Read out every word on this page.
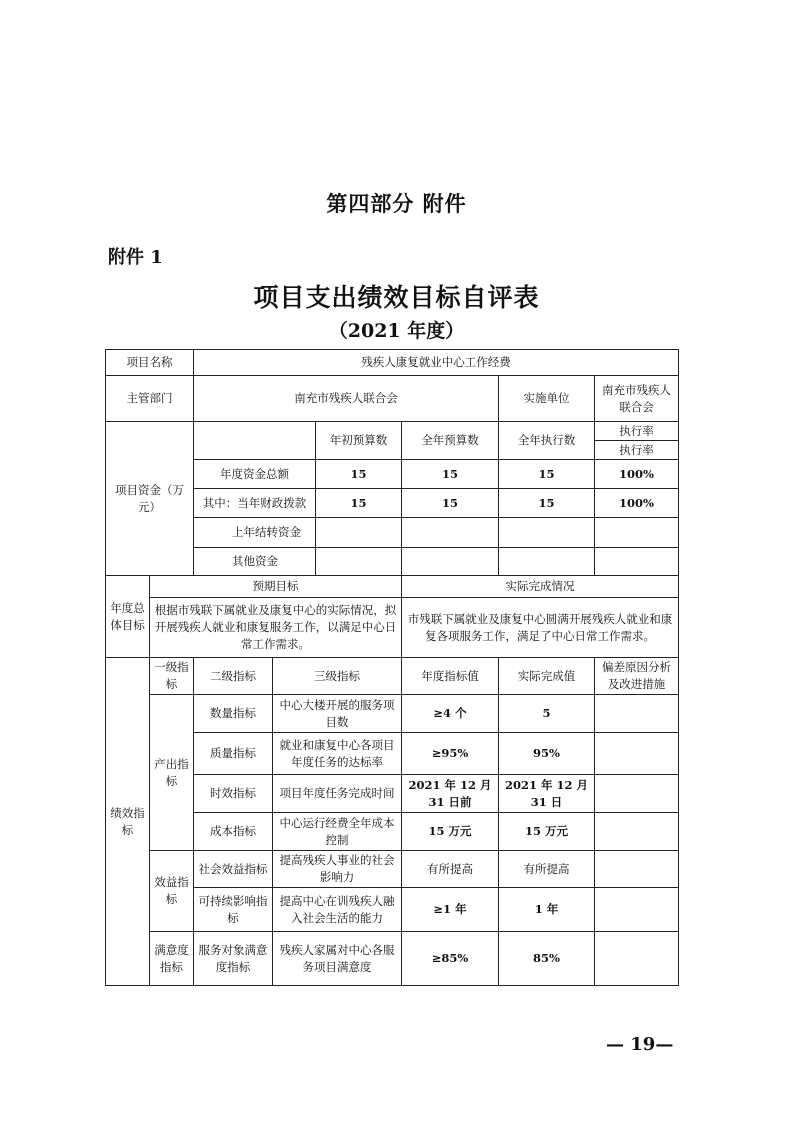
第四部分 附件
附件 1
项目支出绩效目标自评表
（2021 年度）
项目名称		残疾人康复就业中心工作经费					
主管部门		南充市残疾人联合会				实施单位	南充市残疾人联合会
项目资金（万元）				年初预算数	全年预算数	全年执行数	执行率
执行率

		年度资金总额		15	15	15	100%
		其中：当年财政拨款		15	15	15	100%
		上年结转资金					
		其他资金					
年度总体目标	预期目标				实际完成情况		
	根据市残联下属就业及康复中心的实际情况，拟开展残疾人就业和康复服务工作，以满足中心日常工作需求。				市残联下属就业及康复中心圆满开展残疾人就业和康复各项服务工作，满足了中心日常工作需求。		
绩效指标	一级指标	二级指标	三级指标		年度指标值	实际完成值	偏差原因分析及改进措施
	产出指标	数量指标	中心大楼开展的服务项目数		≥4 个	5	
		质量指标	就业和康复中心各项目年度任务的达标率		≥95%	95%	
		时效指标	项目年度任务完成时间		2021 年 12 月 31 日前	2021 年 12 月 31 日	
		成本指标	中心运行经费全年成本控制		15 万元	15 万元	
	效益指标	社会效益指标	提高残疾人事业的社会影响力		有所提高	有所提高	
		可持续影响指标	提高中心在训残疾人融入社会生活的能力		≥1 年	1 年	
	满意度指标	服务对象满意度指标	残疾人家属对中心各服务项目满意度		≥85%	85%	
— 19—
